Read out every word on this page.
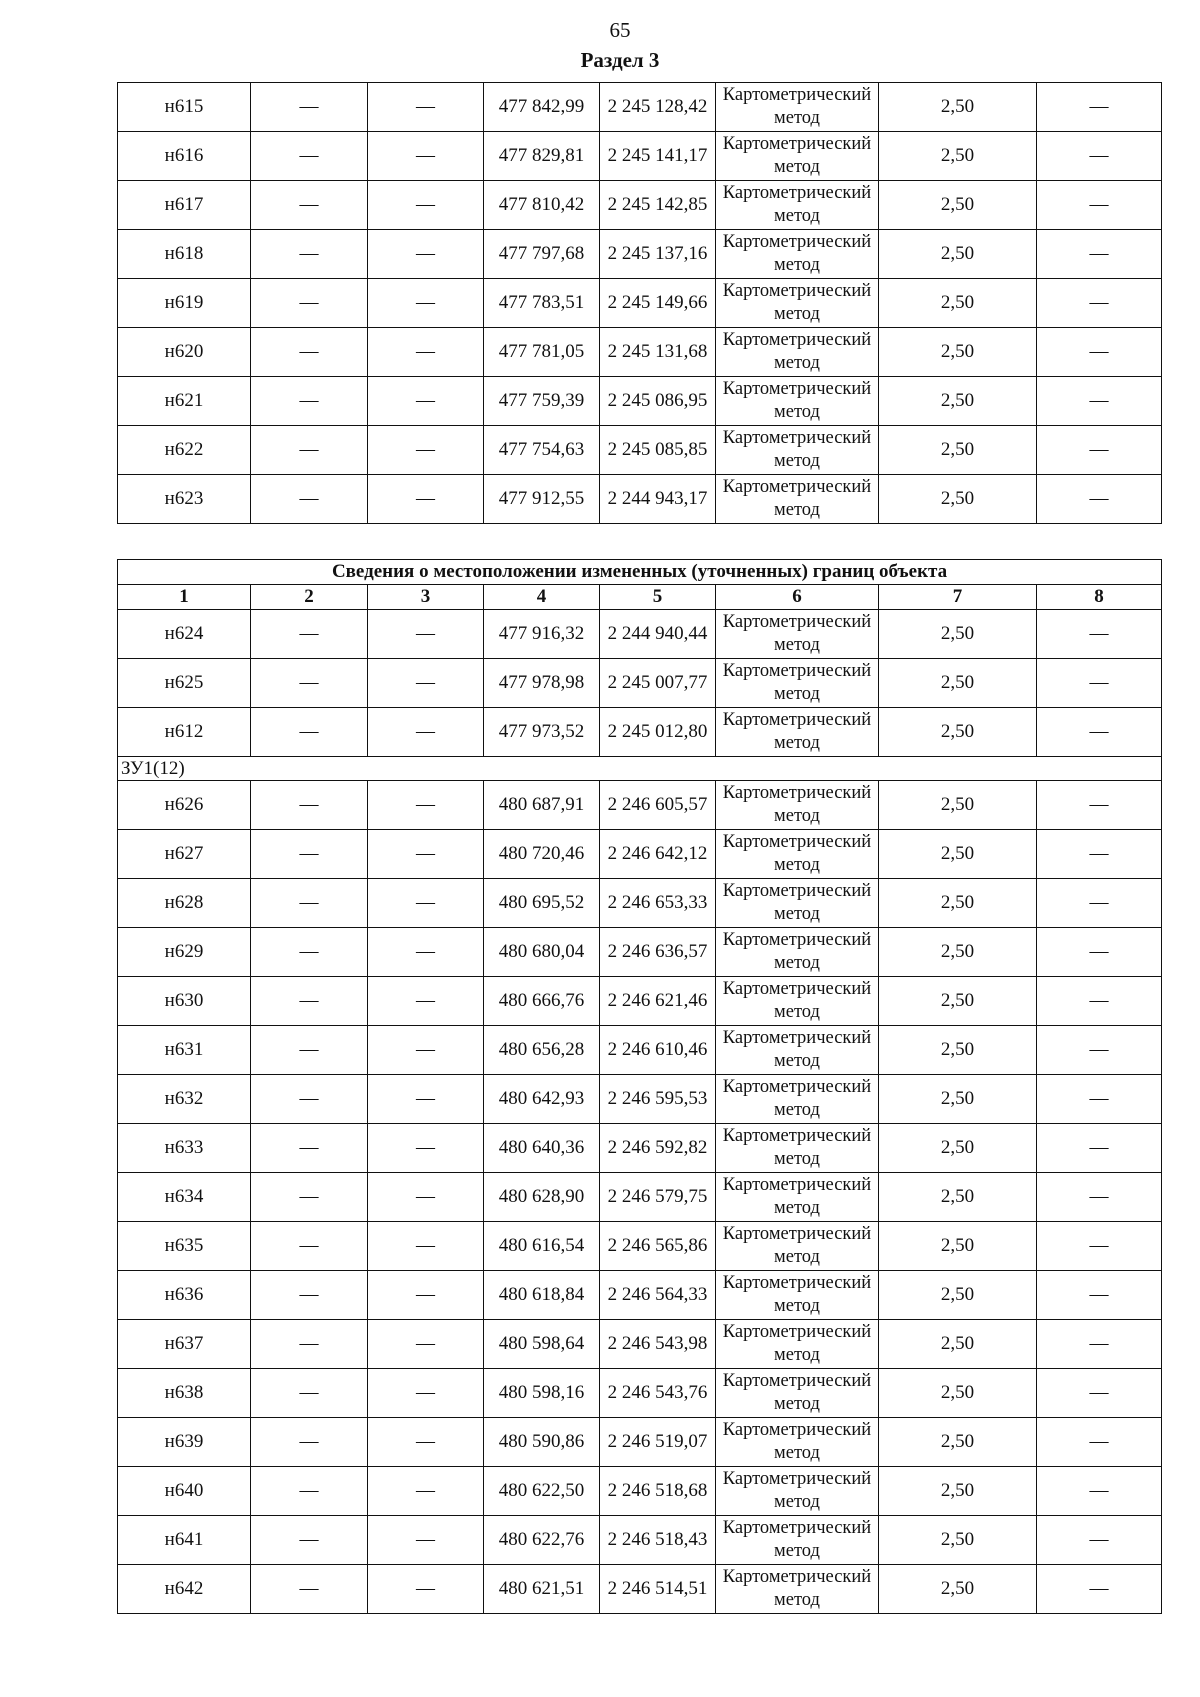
65
Раздел 3
н615	—	—	477 842,99	2 245 128,42	Картометрический метод	2,50	—
н616	—	—	477 829,81	2 245 141,17	Картометрический метод	2,50	—
н617	—	—	477 810,42	2 245 142,85	Картометрический метод	2,50	—
н618	—	—	477 797,68	2 245 137,16	Картометрический метод	2,50	—
н619	—	—	477 783,51	2 245 149,66	Картометрический метод	2,50	—
н620	—	—	477 781,05	2 245 131,68	Картометрический метод	2,50	—
н621	—	—	477 759,39	2 245 086,95	Картометрический метод	2,50	—
н622	—	—	477 754,63	2 245 085,85	Картометрический метод	2,50	—
н623	—	—	477 912,55	2 244 943,17	Картометрический метод	2,50	—
Сведения о местоположении измененных (уточненных) границ объекта							
1	2	3	4	5	6	7	8
н624	—	—	477 916,32	2 244 940,44	Картометрический метод	2,50	—
н625	—	—	477 978,98	2 245 007,77	Картометрический метод	2,50	—
н612	—	—	477 973,52	2 245 012,80	Картометрический метод	2,50	—
ЗУ1(12)							
н626	—	—	480 687,91	2 246 605,57	Картометрический метод	2,50	—
н627	—	—	480 720,46	2 246 642,12	Картометрический метод	2,50	—
н628	—	—	480 695,52	2 246 653,33	Картометрический метод	2,50	—
н629	—	—	480 680,04	2 246 636,57	Картометрический метод	2,50	—
н630	—	—	480 666,76	2 246 621,46	Картометрический метод	2,50	—
н631	—	—	480 656,28	2 246 610,46	Картометрический метод	2,50	—
н632	—	—	480 642,93	2 246 595,53	Картометрический метод	2,50	—
н633	—	—	480 640,36	2 246 592,82	Картометрический метод	2,50	—
н634	—	—	480 628,90	2 246 579,75	Картометрический метод	2,50	—
н635	—	—	480 616,54	2 246 565,86	Картометрический метод	2,50	—
н636	—	—	480 618,84	2 246 564,33	Картометрический метод	2,50	—
н637	—	—	480 598,64	2 246 543,98	Картометрический метод	2,50	—
н638	—	—	480 598,16	2 246 543,76	Картометрический метод	2,50	—
н639	—	—	480 590,86	2 246 519,07	Картометрический метод	2,50	—
н640	—	—	480 622,50	2 246 518,68	Картометрический метод	2,50	—
н641	—	—	480 622,76	2 246 518,43	Картометрический метод	2,50	—
н642	—	—	480 621,51	2 246 514,51	Картометрический метод	2,50	—
